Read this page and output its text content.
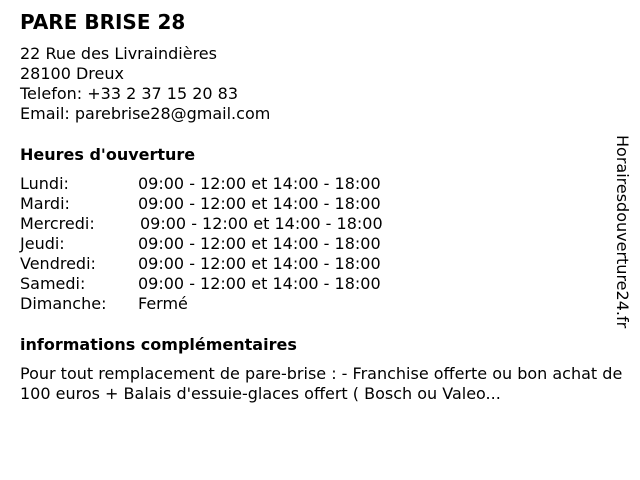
PARE BRISE 28
22 Rue des Livraindières
28100 Dreux
Telefon: +33 2 37 15 20 83
Email: parebrise28@gmail.com
Heures d'ouverture
Lundi:	09:00 - 12:00 et 14:00 - 18:00
Mardi:	09:00 - 12:00 et 14:00 - 18:00
Mercredi:	09:00 - 12:00 et 14:00 - 18:00
Jeudi:	09:00 - 12:00 et 14:00 - 18:00
Vendredi:	09:00 - 12:00 et 14:00 - 18:00
Samedi:	09:00 - 12:00 et 14:00 - 18:00
Dimanche: Fermé
informations complémentaires
Pour tout remplacement de pare-brise : - Franchise offerte ou bon achat de 100 euros + Balais d'essuie-glaces offert ( Bosch ou Valeo...
Horairesdouverture24.fr
